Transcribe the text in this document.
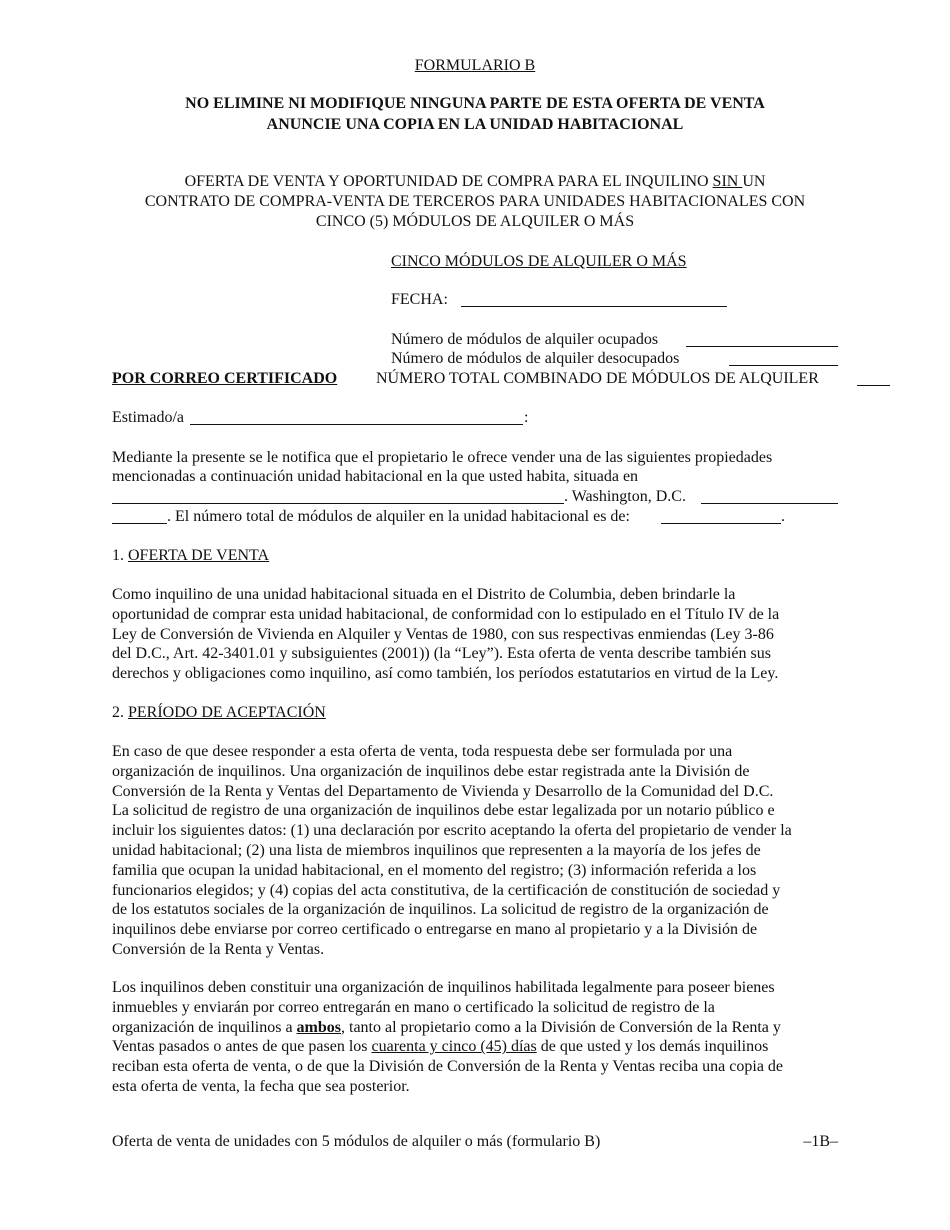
FORMULARIO B
NO ELIMINE NI MODIFIQUE NINGUNA PARTE DE ESTA OFERTA DE VENTA
ANUNCIE UNA COPIA EN LA UNIDAD HABITACIONAL
OFERTA DE VENTA Y OPORTUNIDAD DE COMPRA PARA EL INQUILINO SIN UN
CONTRATO DE COMPRA-VENTA DE TERCEROS PARA UNIDADES HABITACIONALES CON
CINCO (5) MÓDULOS DE ALQUILER O MÁS
CINCO MÓDULOS DE ALQUILER O MÁS
FECHA:
Número de módulos de alquiler ocupados
Número de módulos de alquiler desocupados
POR CORREO CERTIFICADO NÚMERO TOTAL COMBINADO DE MÓDULOS DE ALQUILER
Estimado/a	:
Mediante la presente se le notifica que el propietario le ofrece vender una de las siguientes propiedades
mencionadas a continuación unidad habitacional en la que usted habita, situada en
. Washington, D.C.
. El número total de módulos de alquiler en la unidad habitacional es de:	.
1. OFERTA DE VENTA
Como inquilino de una unidad habitacional situada en el Distrito de Columbia, deben brindarle la
oportunidad de comprar esta unidad habitacional, de conformidad con lo estipulado en el Título IV de la
Ley de Conversión de Vivienda en Alquiler y Ventas de 1980, con sus respectivas enmiendas (Ley 3-86
del D.C., Art. 42-3401.01 y subsiguientes (2001)) (la “Ley”). Esta oferta de venta describe también sus
derechos y obligaciones como inquilino, así como también, los períodos estatutarios en virtud de la Ley.
2. PERÍODO DE ACEPTACIÓN
En caso de que desee responder a esta oferta de venta, toda respuesta debe ser formulada por una
organización de inquilinos. Una organización de inquilinos debe estar registrada ante la División de
Conversión de la Renta y Ventas del Departamento de Vivienda y Desarrollo de la Comunidad del D.C.
La solicitud de registro de una organización de inquilinos debe estar legalizada por un notario público e
incluir los siguientes datos: (1) una declaración por escrito aceptando la oferta del propietario de vender la
unidad habitacional; (2) una lista de miembros inquilinos que representen a la mayoría de los jefes de
familia que ocupan la unidad habitacional, en el momento del registro; (3) información referida a los
funcionarios elegidos; y (4) copias del acta constitutiva, de la certificación de constitución de sociedad y
de los estatutos sociales de la organización de inquilinos. La solicitud de registro de la organización de
inquilinos debe enviarse por correo certificado o entregarse en mano al propietario y a la División de
Conversión de la Renta y Ventas.
Los inquilinos deben constituir una organización de inquilinos habilitada legalmente para poseer bienes
inmuebles y enviarán por correo entregarán en mano o certificado la solicitud de registro de la
organización de inquilinos a ambos, tanto al propietario como a la División de Conversión de la Renta y
Ventas pasados o antes de que pasen los cuarenta y cinco (45) días de que usted y los demás inquilinos
reciban esta oferta de venta, o de que la División de Conversión de la Renta y Ventas reciba una copia de
esta oferta de venta, la fecha que sea posterior.
Oferta de venta de unidades con 5 módulos de alquiler o más (formulario B)	–1B–
